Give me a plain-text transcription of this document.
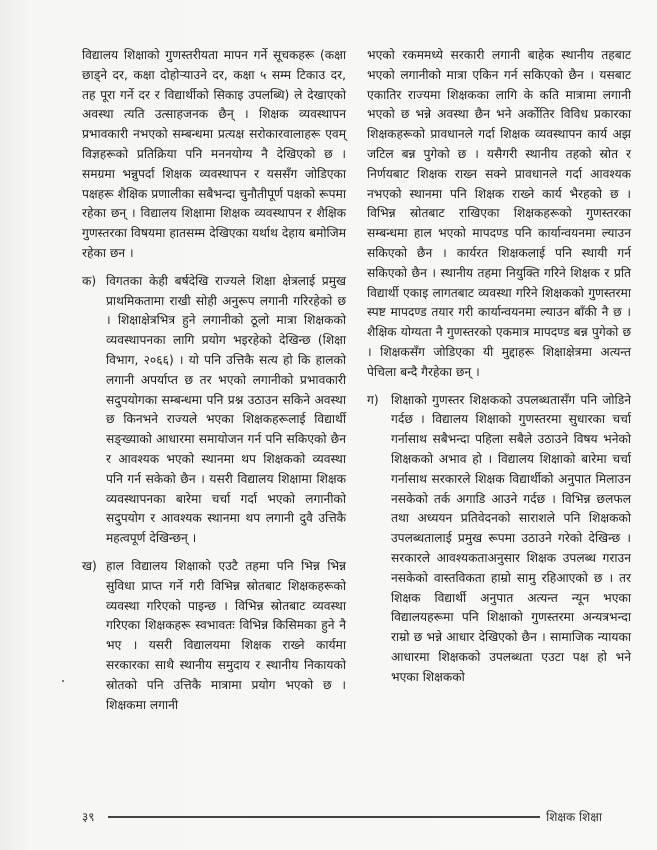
विद्यालय शिक्षाको गुणस्तरीयता मापन गर्ने सूचकहरू (कक्षा छाड्ने दर, कक्षा दोहोऱ्याउने दर, कक्षा ५ सम्म टिकाउ दर, तह पूरा गर्ने दर र विद्यार्थीको सिकाइ उपलब्धि) ले देखाएको अवस्था त्यति उत्साहजनक छैन् । शिक्षक व्यवस्थापन प्रभावकारी नभएको सम्बन्धमा प्रत्यक्ष सरोकारवालाहरू एवम् विज्ञहरूको प्रतिक्रिया पनि मननयोग्य नै देखिएको छ । समग्रमा भन्नुपर्दा शिक्षक व्यवस्थापन र यससँग जोडिएका पक्षहरू शैक्षिक प्रणालीका सबैभन्दा चुनौतीपूर्ण पक्षको रूपमा रहेका छन् । विद्यालय शिक्षामा शिक्षक व्यवस्थापन र शैक्षिक गुणस्तरका विषयमा हातसम्म देखिएका यर्थाथ देहाय बमोजिम रहेका छन ।

क) विगतका केही बर्षदेखि राज्यले शिक्षा क्षेत्रलाई प्रमुख प्राथमिकतामा राखी सोही अनुरूप लगानी गरिरहेको छ । शिक्षाक्षेत्रभित्र हुने लगानीको ठूलो मात्रा शिक्षकको व्यवस्थापनका लागि प्रयोग भइरहेको देखिन्छ (शिक्षा विभाग, २०६६) । यो पनि उत्तिकै सत्य हो कि हालको लगानी अपर्याप्त छ तर भएको लगानीको प्रभावकारी सदुपयोगका सम्बन्धमा पनि प्रश्न उठाउन सकिने अवस्था छ किनभने राज्यले भएका शिक्षकहरूलाई विद्यार्थी सङ्ख्याको आधारमा समायोजन गर्न पनि सकिएको छैन र आवश्यक भएको स्थानमा थप शिक्षकको व्यवस्था पनि गर्न सकेको छैन । यसरी विद्यालय शिक्षामा शिक्षक व्यवस्थापनका बारेमा चर्चा गर्दा भएको लगानीको सदुपयोग र आवश्यक स्थानमा थप लगानी दुवै उत्तिकै महत्वपूर्ण देखिन्छन् ।
ख) हाल विद्यालय शिक्षाको एउटै तहमा पनि भिन्न भिन्न सुविधा प्राप्त गर्ने गरी विभिन्न स्रोतबाट शिक्षकहरूको व्यवस्था गरिएको पाइन्छ । विभिन्न स्रोतबाट व्यवस्था गरिएका शिक्षकहरू स्वभावतः विभिन्न किसिमका हुने नै भए । यसरी विद्यालयमा शिक्षक राख्ने कार्यमा सरकारका साथै स्थानीय समुदाय र स्थानीय निकायको स्रोतको पनि उत्तिकै मात्रामा प्रयोग भएको छ । शिक्षकमा लगानी

भएको रकममध्ये सरकारी लगानी बाहेक स्थानीय तहबाट भएको लगानीको मात्रा एकिन गर्न सकिएको छैन । यसबाट एकातिर राज्यमा शिक्षकका लागि के कति मात्रामा लगानी भएको छ भन्ने अवस्था छैन भने अर्कोतिर विविध प्रकारका शिक्षकहरूको प्रावधानले गर्दा शिक्षक व्यवस्थापन कार्य अझ जटिल बन्न पुगेको छ । यसैगरी स्थानीय तहको स्रोत र निर्णयबाट शिक्षक राख्न सक्ने प्रावधानले गर्दा आवश्यक नभएको स्थानमा पनि शिक्षक राख्ने कार्य भैरहको छ । विभिन्न स्रोतबाट राखिएका शिक्षकहरूको गुणस्तरका सम्बन्धमा हाल भएको मापदण्ड पनि कार्यान्वयनमा ल्याउन सकिएको छैन । कार्यरत शिक्षकलाई पनि स्थायी गर्न सकिएको छैन । स्थानीय तहमा नियुक्ति गरिने शिक्षक र प्रति विद्यार्थी एकाइ लागतबाट व्यवस्था गरिने शिक्षकको गुणस्तरमा स्पष्ट मापदण्ड तयार गरी कार्यान्वयनमा ल्याउन बाँकी नै छ । शैक्षिक योग्यता नै गुणस्तरको एकमात्र मापदण्ड बन्न पुगेको छ । शिक्षकसँग जोडिएका यी मुद्दाहरू शिक्षाक्षेत्रमा अत्यन्त पेचिला बन्दै गैरहेका छन् ।

ग) शिक्षाको गुणस्तर शिक्षकको उपलब्धतासँग पनि जोडिने गर्दछ । विद्यालय शिक्षाको गुणस्तरमा सुधारका चर्चा गर्नासाथ सबैभन्दा पहिला सबैले उठाउने विषय भनेको शिक्षकको अभाव हो । विद्यालय शिक्षाको बारेमा चर्चा गर्नासाथ सरकारले शिक्षक विद्यार्थीको अनुपात मिलाउन नसकेको तर्क अगाडि आउने गर्दछ । विभिन्न छलफल तथा अध्ययन प्रतिवेदनको साराशले पनि शिक्षकको उपलब्धतालाई प्रमुख रूपमा उठाउने गरेको देखिन्छ । सरकारले आवश्यकताअनुसार शिक्षक उपलब्ध गराउन नसकेको वास्तविकता हाम्रो सामु रहिआएको छ । तर शिक्षक विद्यार्थी अनुपात अत्यन्त न्यून भएका विद्यालयहरूमा पनि शिक्षाको गुणस्तरमा अन्यत्रभन्दा राम्रो छ भन्ने आधार देखिएको छैन । सामाजिक न्यायका आधारमा शिक्षकको उपलब्धता एउटा पक्ष हो भने भएका शिक्षकको
३९	शिक्षक शिक्षा
